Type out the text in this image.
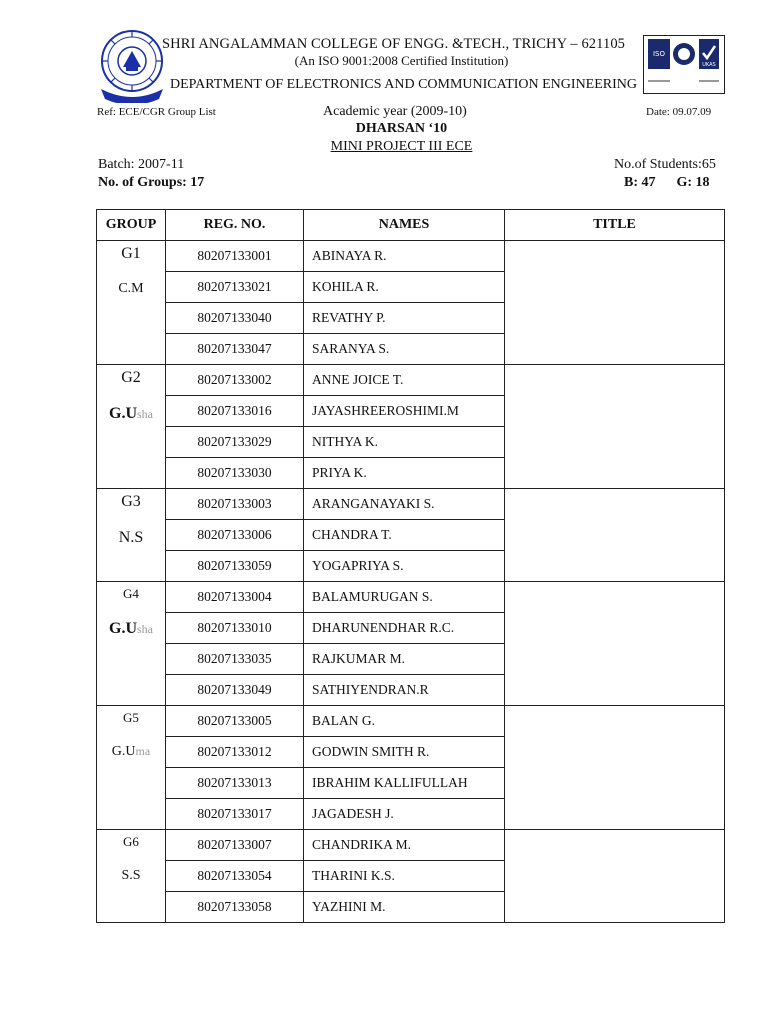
ISO
UKAS
SHRI ANGALAMMAN COLLEGE OF ENGG. &TECH., TRICHY – 621105
(An ISO 9001:2008 Certified Institution)
DEPARTMENT OF ELECTRONICS AND COMMUNICATION ENGINEERING
Ref: ECE/CGR Group List	Academic year (2009-10)	Date: 09.07.09
DHARSAN ‘10
MINI PROJECT III ECE
Batch: 2007-11
No. of Groups: 17
No.of Students:65
B: 47      G: 18
GROUP	REG. NO.	NAMES	TITLE

G1
C.M	80207133001	ABINAYA R.	
	80207133021	KOHILA R.	
	80207133040	REVATHY P.	
	80207133047	SARANYA S.	

G2
G.Usha	80207133002	ANNE JOICE T.	
	80207133016	JAYASHREEROSHIMI.M	
	80207133029	NITHYA K.	
	80207133030	PRIYA K.	

G3
N.S	80207133003	ARANGANAYAKI S.	
	80207133006	CHANDRA T.	
	80207133059	YOGAPRIYA S.	

G4
G.Usha	80207133004	BALAMURUGAN S.	
	80207133010	DHARUNENDHAR R.C.	
	80207133035	RAJKUMAR M.	
	80207133049	SATHIYENDRAN.R	

G5
G.Uma	80207133005	BALAN G.	
	80207133012	GODWIN SMITH R.	
	80207133013	IBRAHIM KALLIFULLAH	
	80207133017	JAGADESH J.	

G6
S.S	80207133007	CHANDRIKA M.	
	80207133054	THARINI K.S.	
	80207133058	YAZHINI M.	
